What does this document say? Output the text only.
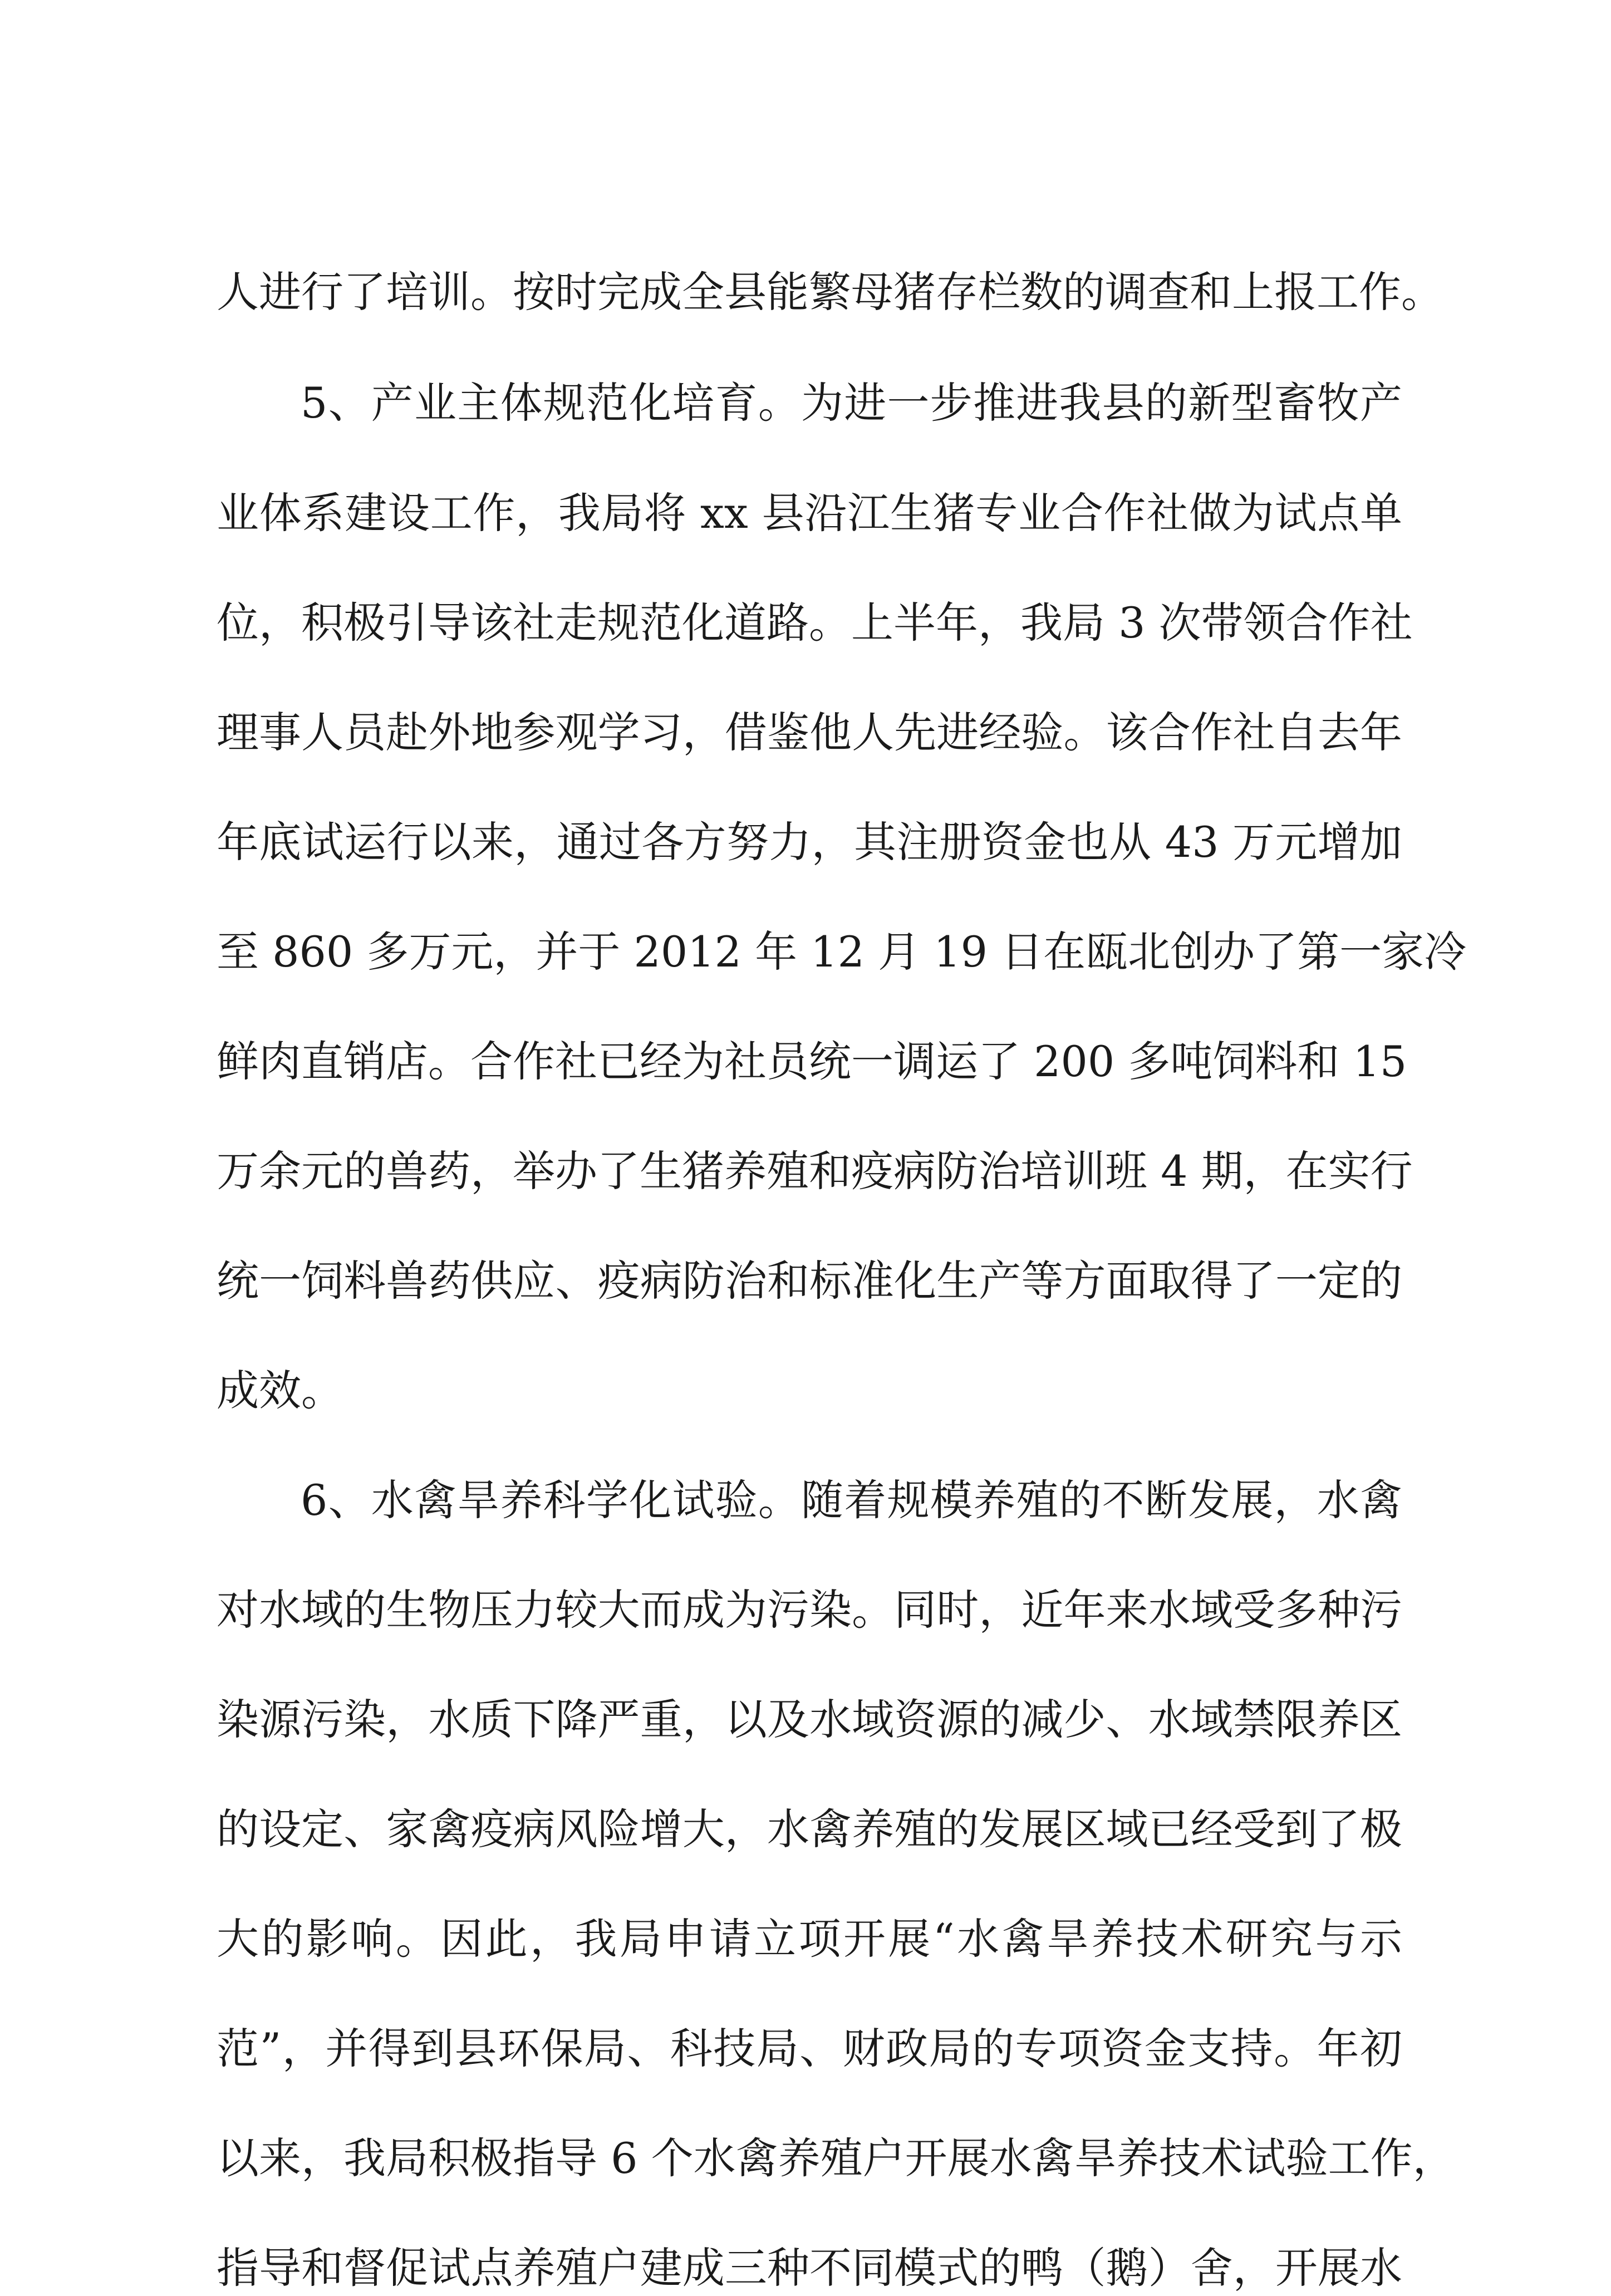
人进行了培训。按时完成全县能繁母猪存栏数的调查和上报工作。
5、产业主体规范化培育。为进一步推进我县的新型畜牧产
业体系建设工作，我局将 xx 县沿江生猪专业合作社做为试点单
位，积极引导该社走规范化道路。上半年，我局 3 次带领合作社
理事人员赴外地参观学习，借鉴他人先进经验。该合作社自去年
年底试运行以来，通过各方努力，其注册资金也从 43 万元增加
至 860 多万元，并于 2012 年 12 月 19 日在瓯北创办了第一家冷
鲜肉直销店。合作社已经为社员统一调运了 200 多吨饲料和 15
万余元的兽药，举办了生猪养殖和疫病防治培训班 4 期，在实行
统一饲料兽药供应、疫病防治和标准化生产等方面取得了一定的
成效。
6、水禽旱养科学化试验。随着规模养殖的不断发展，水禽
对水域的生物压力较大而成为污染。同时，近年来水域受多种污
染源污染，水质下降严重，以及水域资源的减少、水域禁限养区
的设定、家禽疫病风险增大，水禽养殖的发展区域已经受到了极
大的影响。因此，我局申请立项开展“水禽旱养技术研究与示
范”，并得到县环保局、科技局、财政局的专项资金支持。年初
以来，我局积极指导 6 个水禽养殖户开展水禽旱养技术试验工作，
指导和督促试点养殖户建成三种不同模式的鸭（鹅）舍，开展水
